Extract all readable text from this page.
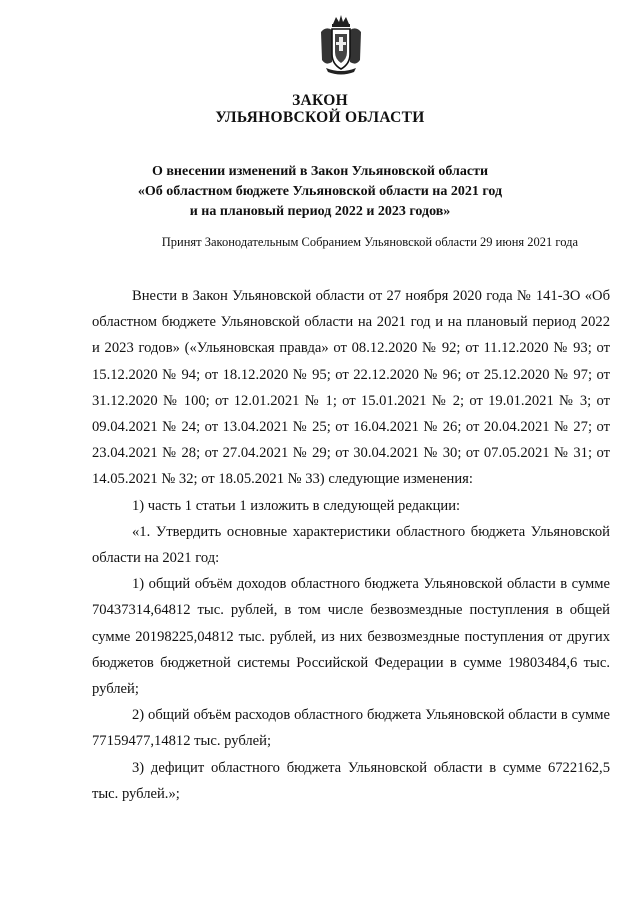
ЗАКОН
УЛЬЯНОВСКОЙ ОБЛАСТИ
О внесении изменений в Закон Ульяновской области
«Об областном бюджете Ульяновской области на 2021 год
и на плановый период 2022 и 2023 годов»
Принят Законодательным Собранием Ульяновской области 29 июня 2021 года

Внести в Закон Ульяновской области от 27 ноября 2020 года № 141-ЗО «Об областном бюджете Ульяновской области на 2021 год и на плановый период 2022 и 2023 годов» («Ульяновская правда» от 08.12.2020 № 92; от 11.12.2020 № 93; от 15.12.2020 № 94; от 18.12.2020 № 95; от 22.12.2020 № 96; от 25.12.2020 № 97; от 31.12.2020 № 100; от 12.01.2021 № 1; от 15.01.2021 № 2; от 19.01.2021 № 3; от 09.04.2021 № 24; от 13.04.2021 № 25; от 16.04.2021 № 26; от 20.04.2021 № 27; от 23.04.2021 № 28; от 27.04.2021 № 29; от 30.04.2021 № 30; от 07.05.2021 № 31; от 14.05.2021 № 32; от 18.05.2021 № 33) следующие изменения:

1) часть 1 статьи 1 изложить в следующей редакции:

«1. Утвердить основные характеристики областного бюджета Ульяновской области на 2021 год:

1) общий объём доходов областного бюджета Ульяновской области в сумме 70437314,64812 тыс. рублей, в том числе безвозмездные поступления в общей сумме 20198225,04812 тыс. рублей, из них безвозмездные поступления от других бюджетов бюджетной системы Российской Федерации в сумме 19803484,6 тыс. рублей;

2) общий объём расходов областного бюджета Ульяновской области в сумме 77159477,14812 тыс. рублей;

3) дефицит областного бюджета Ульяновской области в сумме 6722162,5 тыс. рублей.»;
